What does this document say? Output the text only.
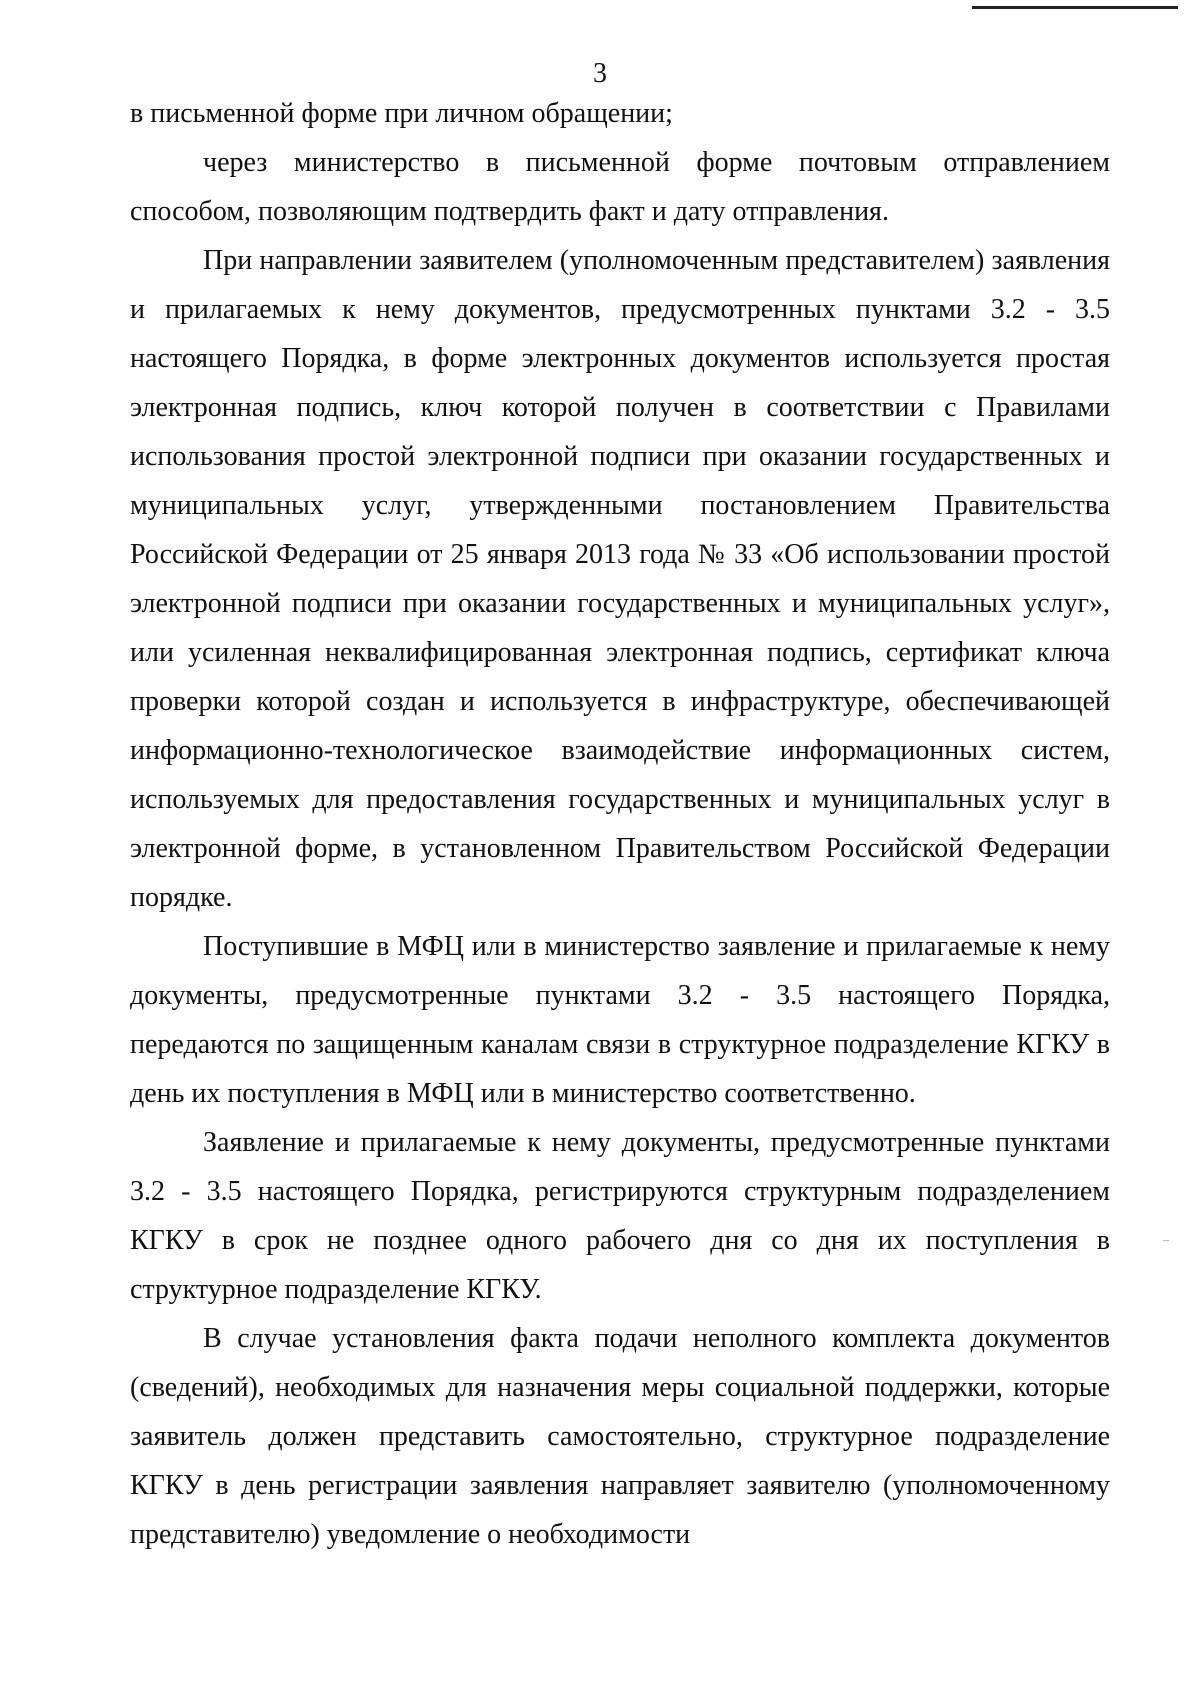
3

в письменной форме при личном обращении;

через министерство в письменной форме почтовым отправлением способом, позволяющим подтвердить факт и дату отправления.

При направлении заявителем (уполномоченным представителем) заявления и прилагаемых к нему документов, предусмотренных пунктами 3.2 - 3.5 настоящего Порядка, в форме электронных документов используется простая электронная подпись, ключ которой получен в соответствии с Правилами использования простой электронной подписи при оказании государственных и муниципальных услуг, утвержденными постановлением Правительства Российской Федерации от 25 января 2013 года № 33 «Об использовании простой электронной подписи при оказании государственных и муниципальных услуг», или усиленная неквалифицированная электронная подпись, сертификат ключа проверки которой создан и используется в инфраструктуре, обеспечивающей информационно-технологическое взаимодействие информационных систем, используемых для предоставления государственных и муниципальных услуг в электронной форме, в установленном Правительством Российской Федерации порядке.

Поступившие в МФЦ или в министерство заявление и прилагаемые к нему документы, предусмотренные пунктами 3.2 - 3.5 настоящего Порядка, передаются по защищенным каналам связи в структурное подразделение КГКУ в день их поступления в МФЦ или в министерство соответственно.

Заявление и прилагаемые к нему документы, предусмотренные пунктами 3.2 - 3.5 настоящего Порядка, регистрируются структурным подразделением КГКУ в срок не позднее одного рабочего дня со дня их поступления в структурное подразделение КГКУ.

В случае установления факта подачи неполного комплекта документов (сведений), необходимых для назначения меры социальной поддержки, которые заявитель должен представить самостоятельно, структурное подразделение КГКУ в день регистрации заявления направляет заявителю (уполномоченному представителю) уведомление о необходимости
